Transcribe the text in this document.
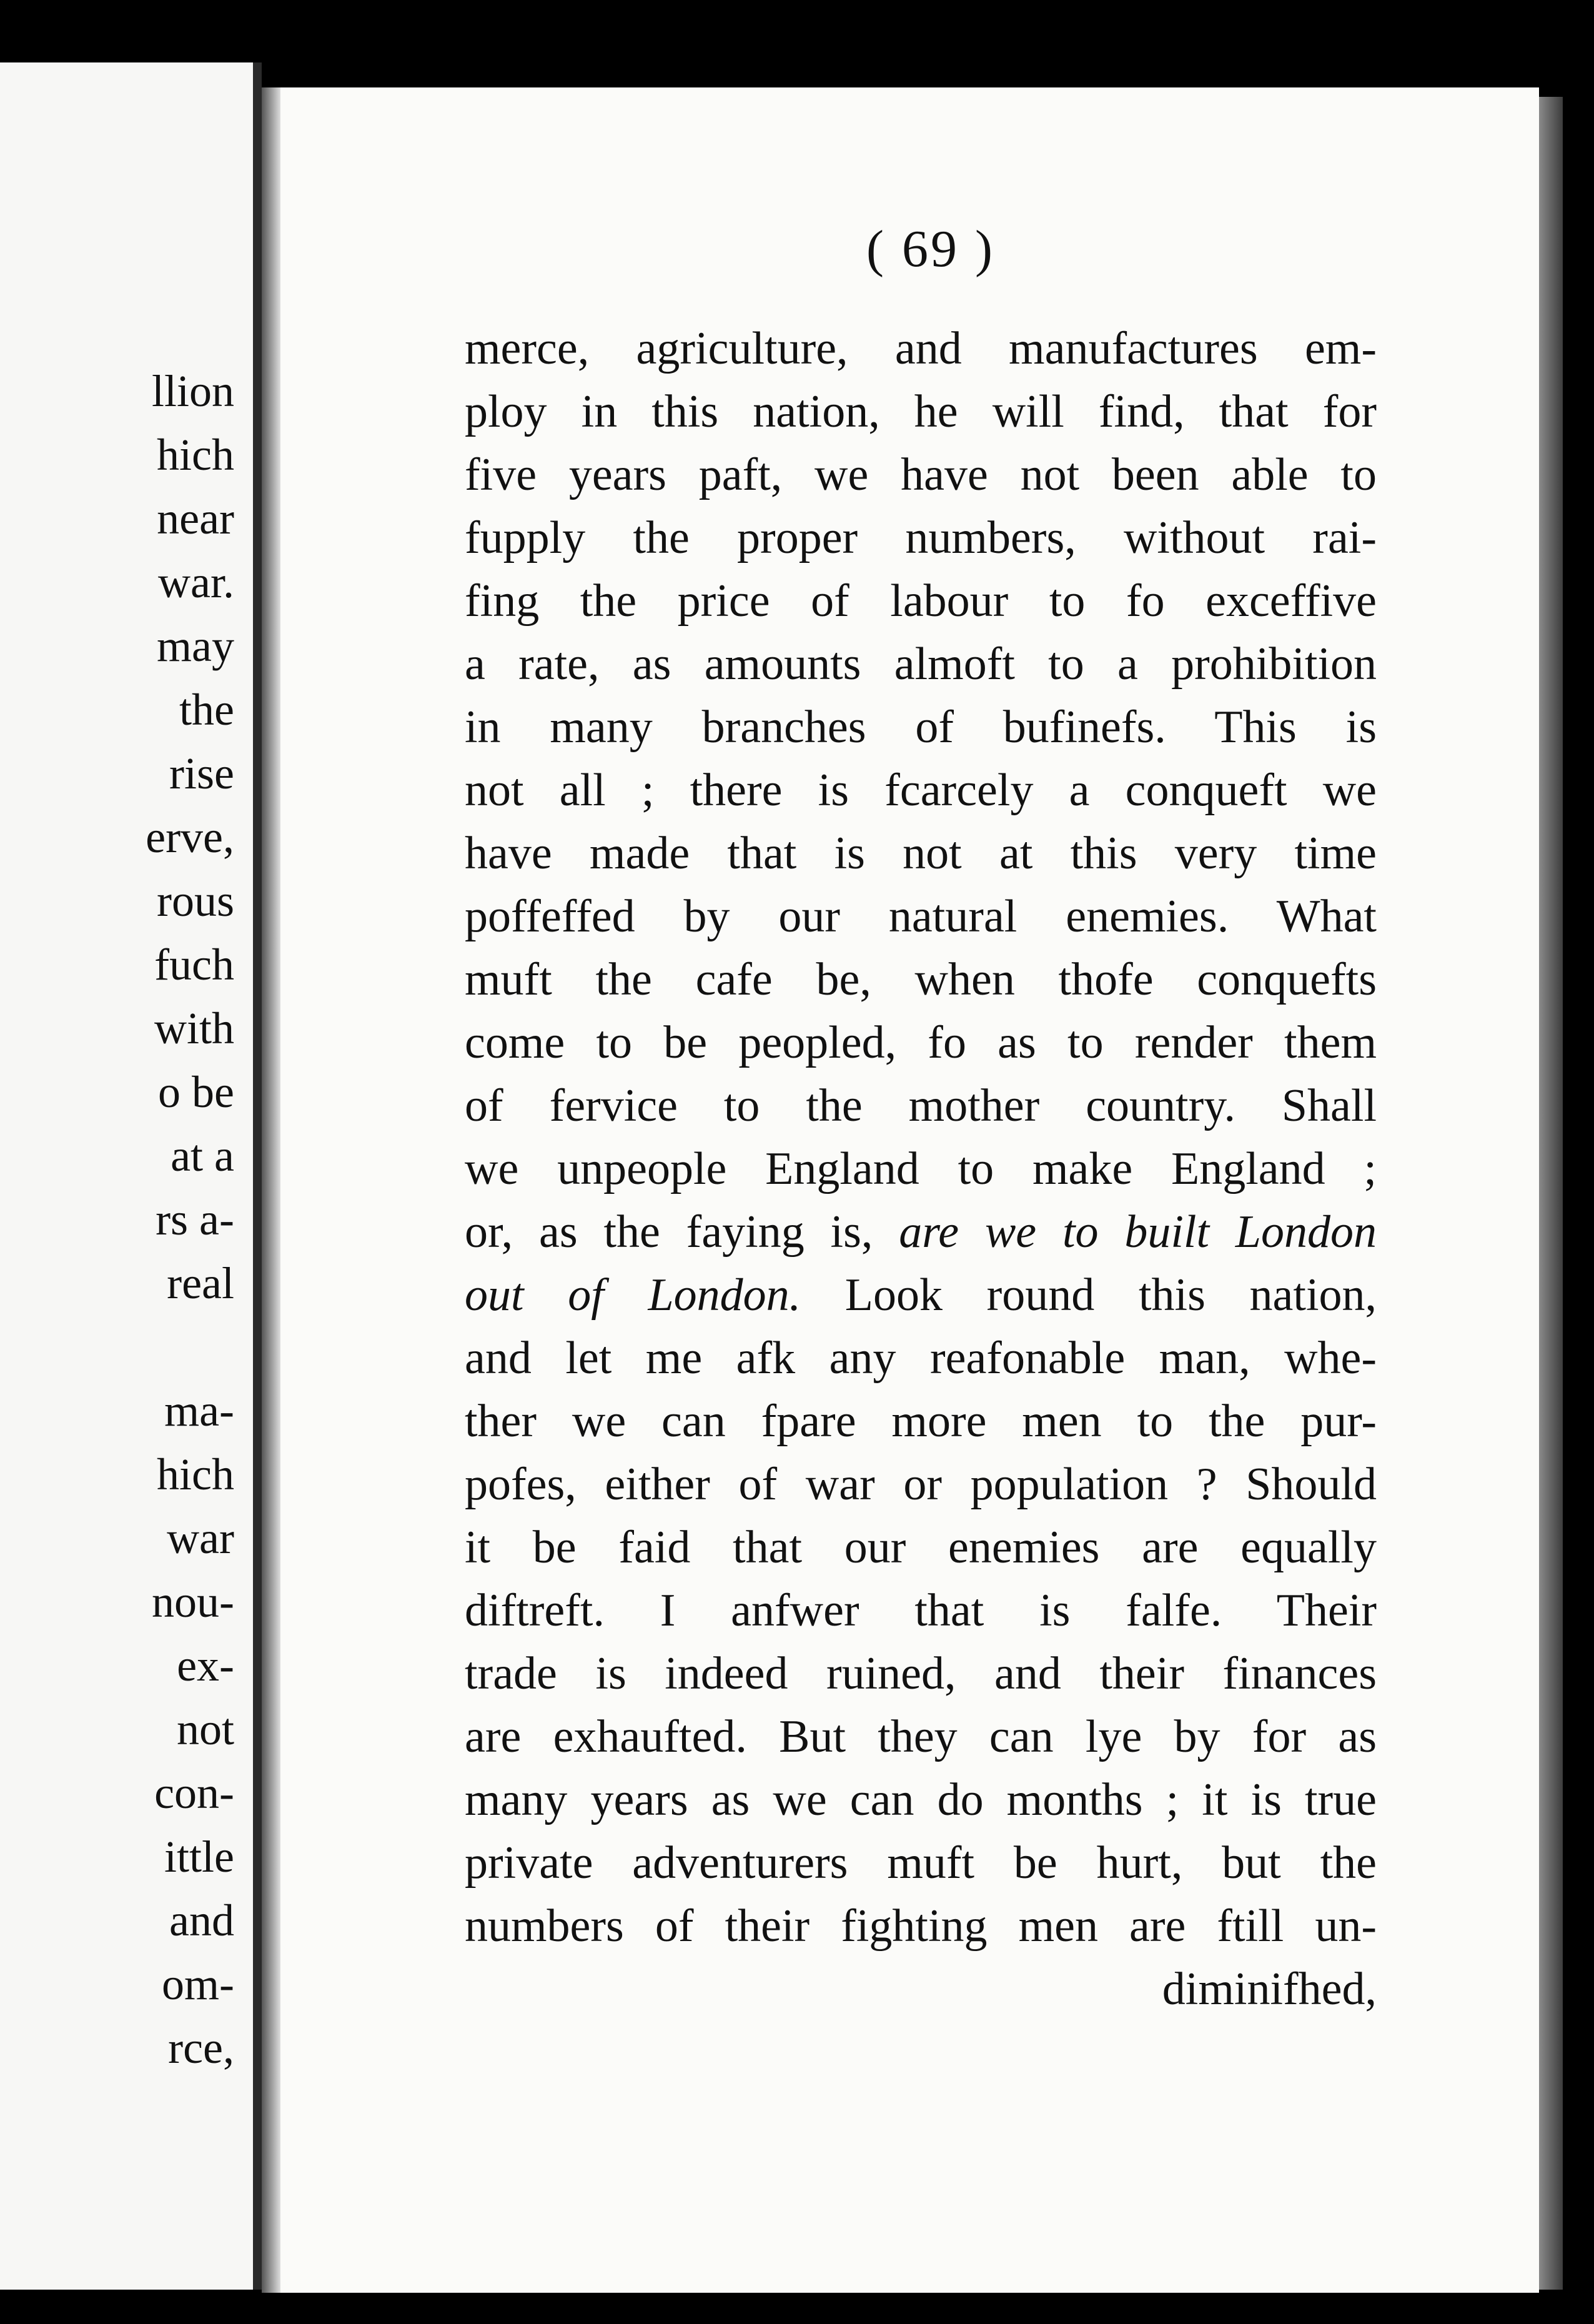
llion
hich
near
war.
may
the
rise
erve,
rous
fuch
with
o be
at a
rs a-
real
ma-
hich
war
nou-
ex-
not
con-
ittle
and
om-
rce,
( 69 )
merce, agriculture, and manufactures em-
ploy in this nation, he will find, that for
five years paft, we have not been able to
fupply the proper numbers, without rai-
fing the price of labour to fo exceffive
a rate, as amounts almoft to a prohibition
in many branches of bufinefs. This is
not all ; there is fcarcely a conqueft we
have made that is not at this very time
poffeffed by our natural enemies. What
muft the cafe be, when thofe conquefts
come to be peopled, fo as to render them
of fervice to the mother country. Shall
we unpeople England to make England ;
or, as the faying is, are we to built London
out of London. Look round this nation,
and let me afk any reafonable man, whe-
ther we can fpare more men to the pur-
pofes, either of war or population ? Should
it be faid that our enemies are equally
diftreft. I anfwer that is falfe. Their
trade is indeed ruined, and their finances
are exhaufted. But they can lye by for as
many years as we can do months ; it is true
private adventurers muft be hurt, but the
numbers of their fighting men are ftill un-
diminifhed,
